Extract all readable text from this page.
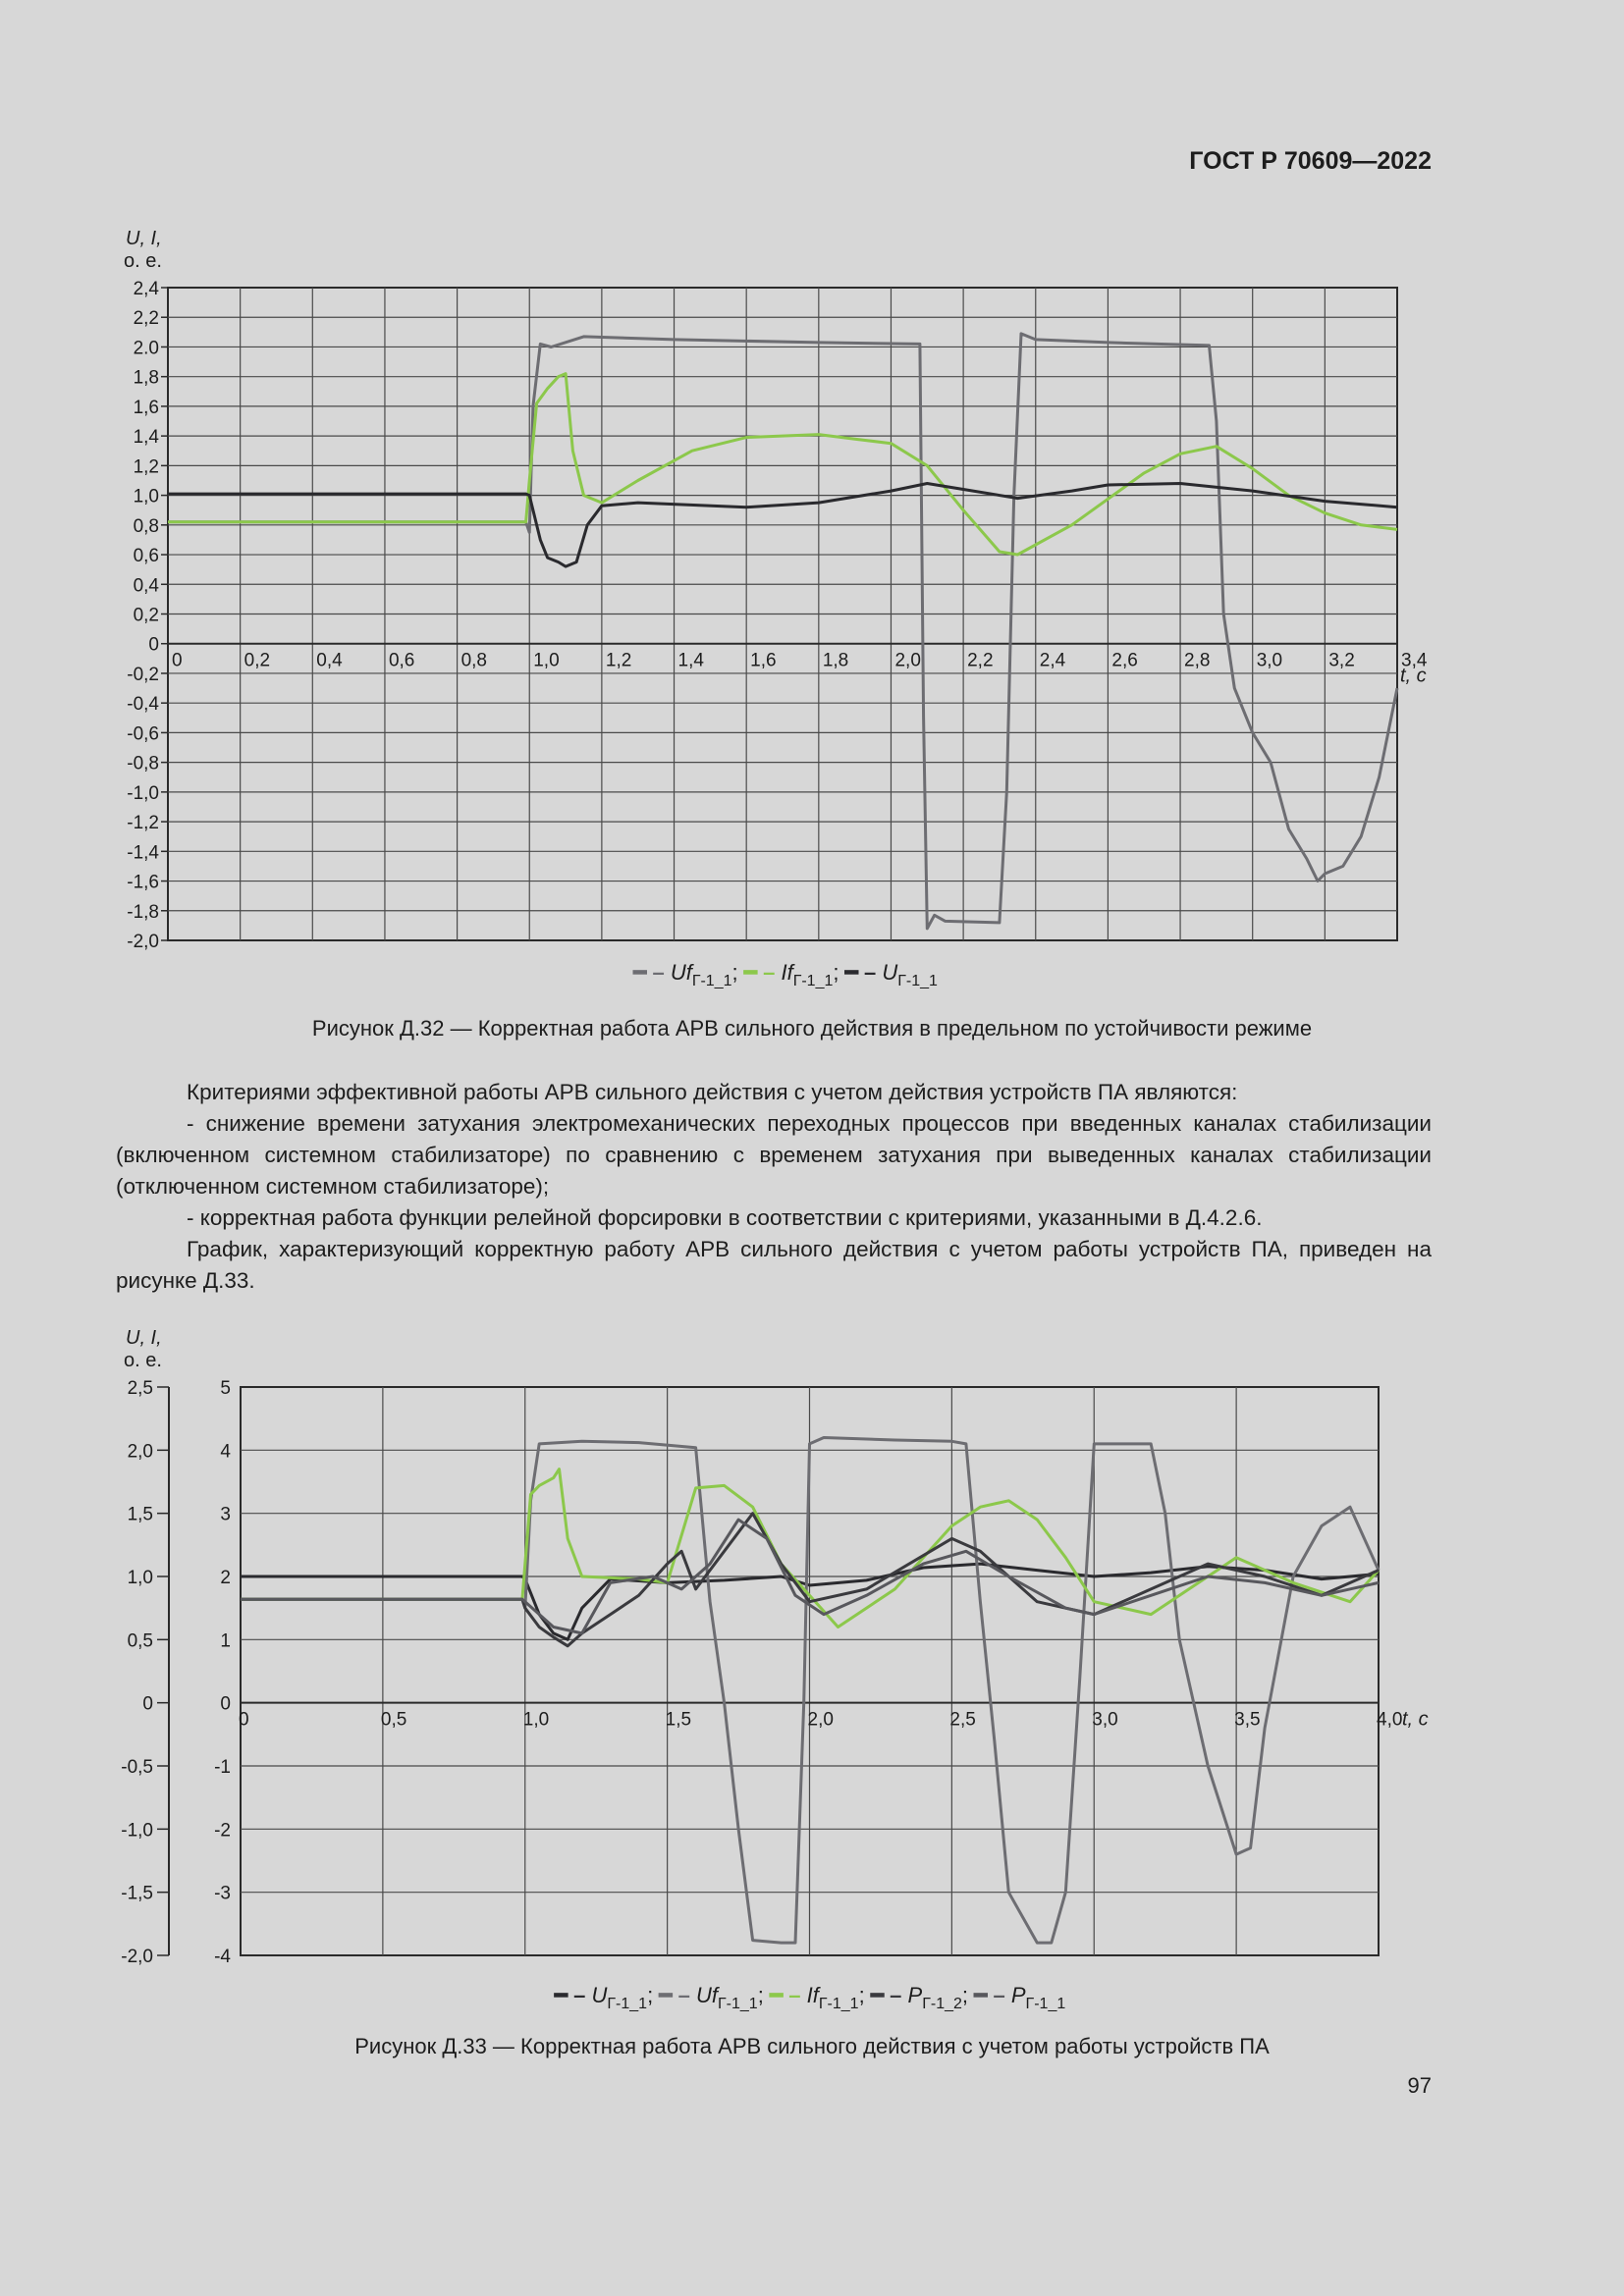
ГОСТ Р 70609—2022
0	0,2 0,4 0,6 0,8 1,0 1,2 1,4 1,6 1,8 2,0 2,2 2,4 2,6 2,8 3,0 3,2 3,4
2,4
2,2
2.0
1,8
1,6
1,4
1,2
1,0
0,8
0,6
0,4
0,2
0
-0,2
-0,4
-0,6
-0,8
-1,0
-1,2
-1,4
-1,6
-1,8
-2,0
U, I,
о. е.
t, с
━ – $Uf_{Г-1\_1}$; ━ – $If_{Г-1\_1}$; ━ – $U_{Г-1\_1}$
Рисунок Д.32 — Корректная работа АРВ сильного действия в предельном по устойчивости режиме

Критериями эффективной работы АРВ сильного действия с учетом действия устройств ПА являются:

- снижение времени затухания электромеханических переходных процессов при введенных каналах стабилизации (включенном системном стабилизаторе) по сравнению с временем затухания при выведенных каналах стабилизации (отключенном системном стабилизаторе);

- корректная работа функции релейной форсировки в соответствии с критериями, указанными в Д.4.2.6.

График, характеризующий корректную работу АРВ сильного действия с учетом работы устройств ПА, приведен на рисунке Д.33.

0	0,5	1,0	1,5	2,0	2,5	3,0	3,5	4,0
5
4
3
2
1
0
-1
-2
-3
-4
2,5
2,0
1,5
1,0
0,5
0
-0,5
-1,0
-1,5
-2,0
U, I,
о. е.
t, с
━ – $U_{Г-1\_1}$; ━ – $Uf_{Г-1\_1}$; ━ – $If_{Г-1\_1}$; ━ – $P_{Г-1\_2}$; ━ – $P_{Г-1\_1}$
Рисунок Д.33 — Корректная работа АРВ сильного действия с учетом работы устройств ПА
97
